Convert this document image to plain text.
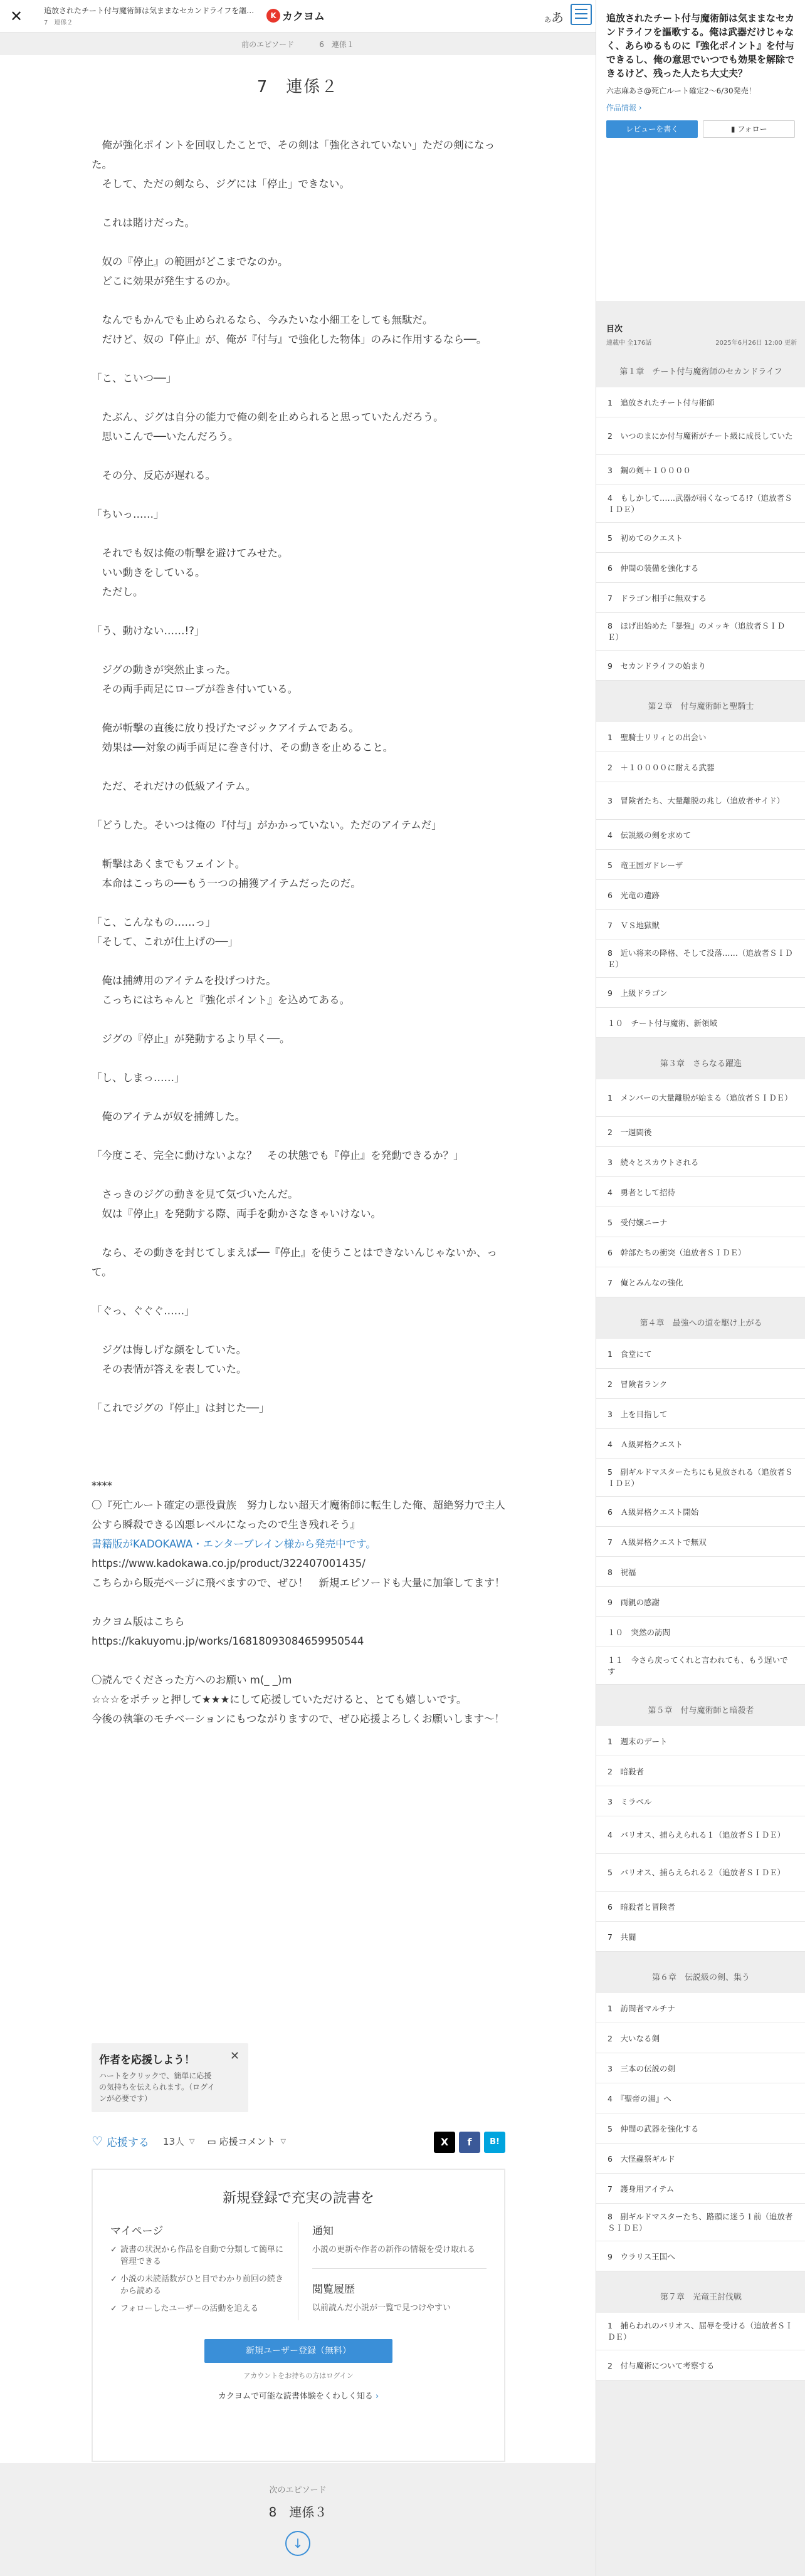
✕	追放されたチート付与魔術師は気ままなセカンドライフを謳…
7　連係２
K カクヨム	ああ
前のエピソード	6　連係１
7　連係２

　俺が強化ポイントを回収したことで、その剣は「強化されていない」ただの剣になった。

　そして、ただの剣なら、ジグには「停止」できない。

　これは賭けだった。

　奴の『停止』の範囲がどこまでなのか。

　どこに効果が発生するのか。

　なんでもかんでも止められるなら、今みたいな小細工をしても無駄だ。

　だけど、奴の『停止』が、俺が『付与』で強化した物体」のみに作用するなら──。

「こ、こいつ──」

　たぶん、ジグは自分の能力で俺の剣を止められると思っていたんだろう。

　思いこんで──いたんだろう。

　その分、反応が遅れる。

「ちいっ……」

　それでも奴は俺の斬撃を避けてみせた。

　いい動きをしている。

　ただし。

「う、動けない……!?」

　ジグの動きが突然止まった。

　その両手両足にロープが巻き付いている。

　俺が斬撃の直後に放り投げたマジックアイテムである。

　効果は──対象の両手両足に巻き付け、その動きを止めること。

　ただ、それだけの低級アイテム。

「どうした。そいつは俺の『付与』がかかっていない。ただのアイテムだ」

　斬撃はあくまでもフェイント。

　本命はこっちの──もう一つの捕獲アイテムだったのだ。

「こ、こんなもの……っ」

「そして、これが仕上げの──」

　俺は捕縛用のアイテムを投げつけた。

　こっちにはちゃんと『強化ポイント』を込めてある。

　ジグの『停止』が発動するより早く──。

「し、しまっ……」

　俺のアイテムが奴を捕縛した。

「今度こそ、完全に動けないよな？　その状態でも『停止』を発動できるか？」

　さっきのジグの動きを見て気づいたんだ。

　奴は『停止』を発動する際、両手を動かさなきゃいけない。

　なら、その動きを封じてしまえば──『停止』を使うことはできないんじゃないか、って。

「ぐっ、ぐぐぐ……」

　ジグは悔しげな顔をしていた。

　その表情が答えを表していた。

「これでジグの『停止』は封じた──」

****

〇『死亡ルート確定の悪役貴族　努力しない超天才魔術師に転生した俺、超絶努力で主人公すら瞬殺できる凶悪レベルになったので生き残れそう』

書籍版がKADOKAWA・エンターブレイン様から発売中です。

https://www.kadokawa.co.jp/product/322407001435/

こちらから販売ページに飛べますので、ぜひ！　新規エピソードも大量に加筆してます！

カクヨム版はこちら

https://kakuyomu.jp/works/16818093084659950544

〇読んでくださった方へのお願い m(_ _)m

☆☆☆をポチッと押して★★★にして応援していただけると、とても嬉しいです。

今後の執筆のモチベーションにもつながりますので、ぜひ応援よろしくお願いします～！

作者を応援しよう！
ハートをクリックで、簡単に応援の気持ちを伝えられます。（ログインが必要です）
✕
♡ 応援する 13人 ▽ ▭ 応援コメント ▽	X	f	B!
新規登録で充実の読書を
マイページ
✓ 読書の状況から作品を自動で分類して簡単に管理できる
✓ 小説の未読話数がひと目でわかり前回の続きから読める
✓ フォローしたユーザーの活動を追える
通知
小説の更新や作者の新作の情報を受け取れる
閲覧履歴
以前読んだ小説が一覧で見つけやすい
新規ユーザー登録（無料）
アカウントをお持ちの方はログイン
カクヨムで可能な読書体験をくわしく知る ›
次のエピソード
8　連係３
↓
追放されたチート付与魔術師は気ままなセカンドライフを謳歌する。俺は武器だけじゃなく、あらゆるものに『強化ポイント』を付与できるし、俺の意思でいつでも効果を解除できるけど、残った人たち大丈夫？
六志麻あさ@死亡ルート確定2〜6/30発売！
作品情報 ›
レビューを書く	▮ フォロー
目次
連載中 全176話	2025年6月26日 12:00 更新
第１章　チート付与魔術師のセカンドライフ
1　追放されたチート付与術師
2　いつのまにか付与魔術がチート級に成長していた
3　鋼の剣＋１００００
4　もしかして……武器が弱くなってる!?（追放者ＳＩＤＥ）
5　初めてのクエスト
6　仲間の装備を強化する
7　ドラゴン相手に無双する
8　ほげ出始めた『暴強』のメッキ（追放者ＳＩＤＥ）
9　セカンドライフの始まり
第２章　付与魔術師と聖騎士
1　聖騎士リリィとの出会い
2　＋１００００に耐える武器
3　冒険者たち、大量離脱の兆し（追放者サイド）
4　伝説級の剣を求めて
5　竜王国ガドレーザ
6　光竜の遺跡
7　ＶＳ地獄獣
8　近い将来の降格、そして没落……（追放者ＳＩＤＥ）
9　上級ドラゴン
１０　チート付与魔術、新領域
第３章　さらなる躍進
1　メンバーの大量離脱が始まる（追放者ＳＩＤＥ）
2　一週間後
3　続々とスカウトされる
4　勇者として招待
5　受付嬢ニーナ
6　幹部たちの衝突（追放者ＳＩＤＥ）
7　俺とみんなの強化
第４章　最強への道を駆け上がる
1　食堂にて
2　冒険者ランク
3　上を目指して
4　Ａ級昇格クエスト
5　副ギルドマスターたちにも見放される（追放者ＳＩＤＥ）
6　Ａ級昇格クエスト開始
7　Ａ級昇格クエストで無双
8　祝福
9　両親の感謝
１０　突然の訪問
１１　今さら戻ってくれと言われても、もう遅いです
第５章　付与魔術師と暗殺者
1　週末のデート
2　暗殺者
3　ミラベル
4　バリオス、捕らえられる１（追放者ＳＩＤＥ）
5　バリオス、捕らえられる２（追放者ＳＩＤＥ）
6　暗殺者と冒険者
7　共闘
第６章　伝説級の剣、集う
1　訪問者マルチナ
2　大いなる剣
3　三本の伝説の剣
4　『聖帝の湯』へ
5　仲間の武器を強化する
6　大怪蟲祭ギルド
7　護身用アイテム
8　副ギルドマスターたち、路頭に迷う１前（追放者ＳＩＤＥ）
9　ウラリス王国へ
第７章　光竜王討伐戦
1　捕らわれのバリオス、屈辱を受ける（追放者ＳＩＤＥ）
2　付与魔術について考察する
